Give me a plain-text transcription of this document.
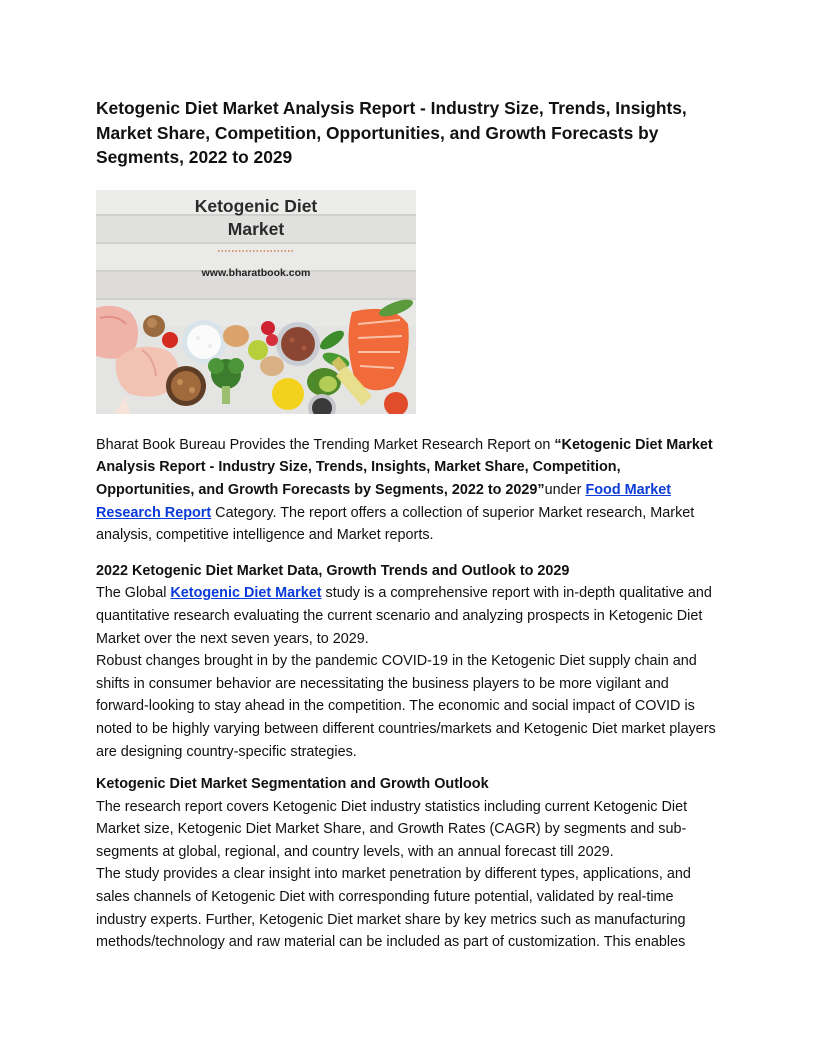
Ketogenic Diet Market Analysis Report - Industry Size, Trends, Insights, Market Share, Competition, Opportunities, and Growth Forecasts by Segments, 2022 to 2029
Ketogenic Diet
Market
www.bharatbook.com

Bharat Book Bureau Provides the Trending Market Research Report on “Ketogenic Diet Market Analysis Report - Industry Size, Trends, Insights, Market Share, Competition, Opportunities, and Growth Forecasts by Segments, 2022 to 2029”under Food Market Research Report Category. The report offers a collection of superior Market research, Market analysis, competitive intelligence and Market reports.

2022 Ketogenic Diet Market Data, Growth Trends and Outlook to 2029

The Global Ketogenic Diet Market study is a comprehensive report with in-depth qualitative and quantitative research evaluating the current scenario and analyzing prospects in Ketogenic Diet Market over the next seven years, to 2029.

Robust changes brought in by the pandemic COVID-19 in the Ketogenic Diet supply chain and shifts in consumer behavior are necessitating the business players to be more vigilant and forward-looking to stay ahead in the competition. The economic and social impact of COVID is noted to be highly varying between different countries/markets and Ketogenic Diet market players are designing country-specific strategies.

Ketogenic Diet Market Segmentation and Growth Outlook

The research report covers Ketogenic Diet industry statistics including current Ketogenic Diet Market size, Ketogenic Diet Market Share, and Growth Rates (CAGR) by segments and sub-segments at global, regional, and country levels, with an annual forecast till 2029.

The study provides a clear insight into market penetration by different types, applications, and sales channels of Ketogenic Diet with corresponding future potential, validated by real-time industry experts. Further, Ketogenic Diet market share by key metrics such as manufacturing methods/technology and raw material can be included as part of customization. This enables
